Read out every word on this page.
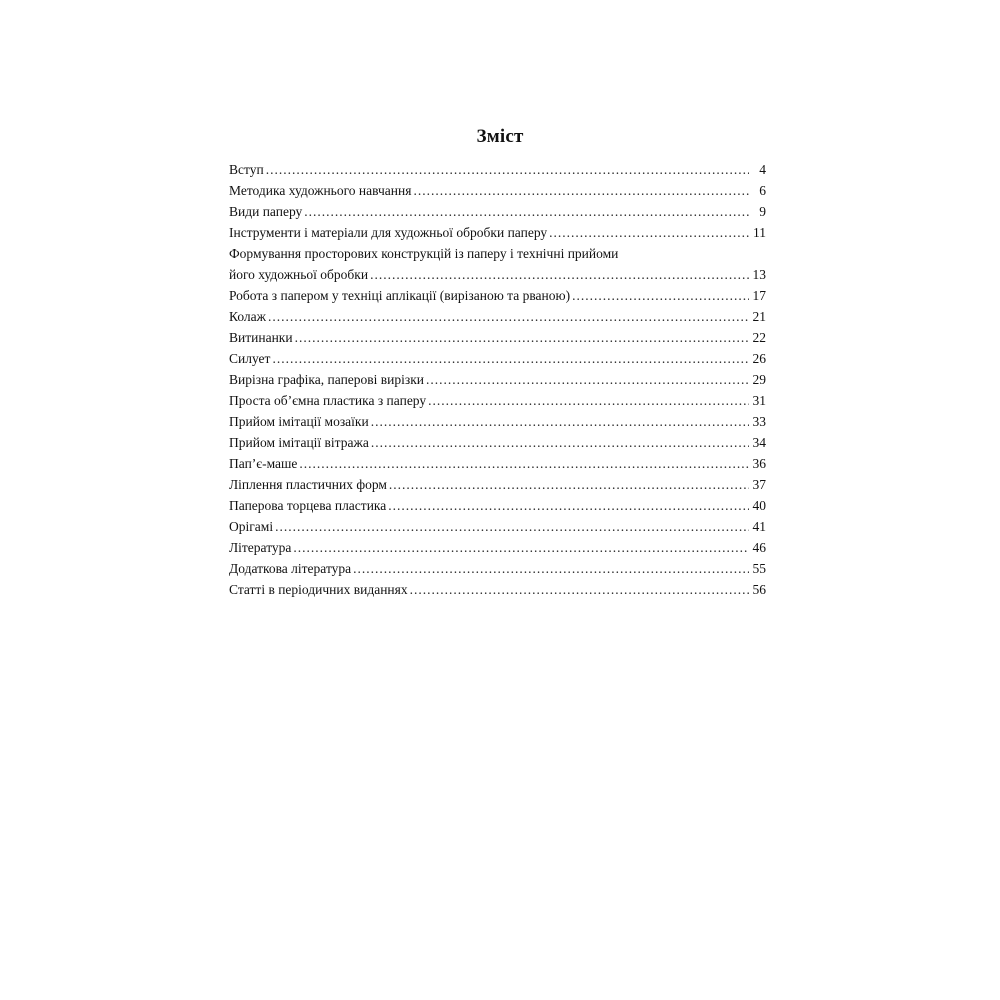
Зміст
Вступ .....	4
Методика художнього навчання .....	6
Види паперу .....	9
Інструменти і матеріали для художньої обробки паперу .....	11
Формування просторових конструкцій із паперу і технічні прийоми
його художньої обробки .....	13
Робота з папером у техніці аплікації (вирізаною та рваною) .....	17
Колаж .....	21
Витинанки .....	22
Силует .....	26
Вирізна графіка, паперові вирізки .....	29
Проста об’ємна пластика з паперу .....	31
Прийом імітації мозаїки .....	33
Прийом імітації вітража .....	34
Пап’є-маше .....	36
Ліплення пластичних форм .....	37
Паперова торцева пластика .....	40
Орігамі .....	41
Література .....	46
Додаткова література .....	55
Статті в періодичних виданнях .....	56
